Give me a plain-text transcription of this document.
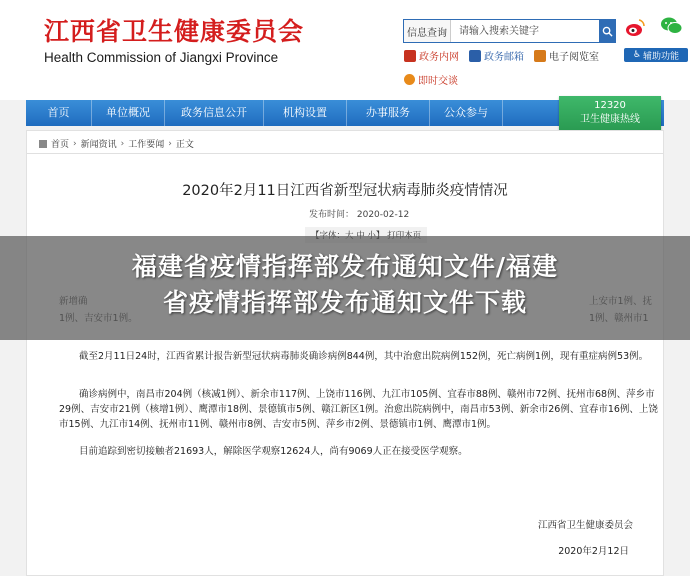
江西省卫生健康委员会
Health Commission of Jiangxi Province
信息查询
请输入搜索关键字
政务内网	政务邮箱	电子阅览室	♿ 辅助功能
即时交谈
首页	单位概况	政务信息公开	机构设置	办事服务	公众参与
12320
卫生健康热线
首页 › 新闻资讯 › 工作要闻 › 正文
2020年2月11日江西省新型冠状病毒肺炎疫情情况
发布时间： 2020-02-12
截至2月11日24时，江西省累计报告新型冠状病毒肺炎确诊病例844例，其中治愈出院病例152例，死亡病例1例，现有重症病例53例。
确诊病例中，南昌市204例（核减1例）、新余市117例、上饶市116例、九江市105例、宜春市88例、赣州市72例、抚州市68例、萍乡市29例、吉安市21例（核增1例）、鹰潭市18例、景德镇市5例、赣江新区1例。治愈出院病例中，南昌市53例、新余市26例、宜春市16例、上饶市15例、九江市14例、抚州市11例、赣州市8例、吉安市5例、萍乡市2例、景德镇市1例、鹰潭市1例。
目前追踪到密切接触者21693人，解除医学观察12624人，尚有9069人正在接受医学观察。
江西省卫生健康委员会
2020年2月12日
福建省疫情指挥部发布通知文件/福建
省疫情指挥部发布通知文件下载
